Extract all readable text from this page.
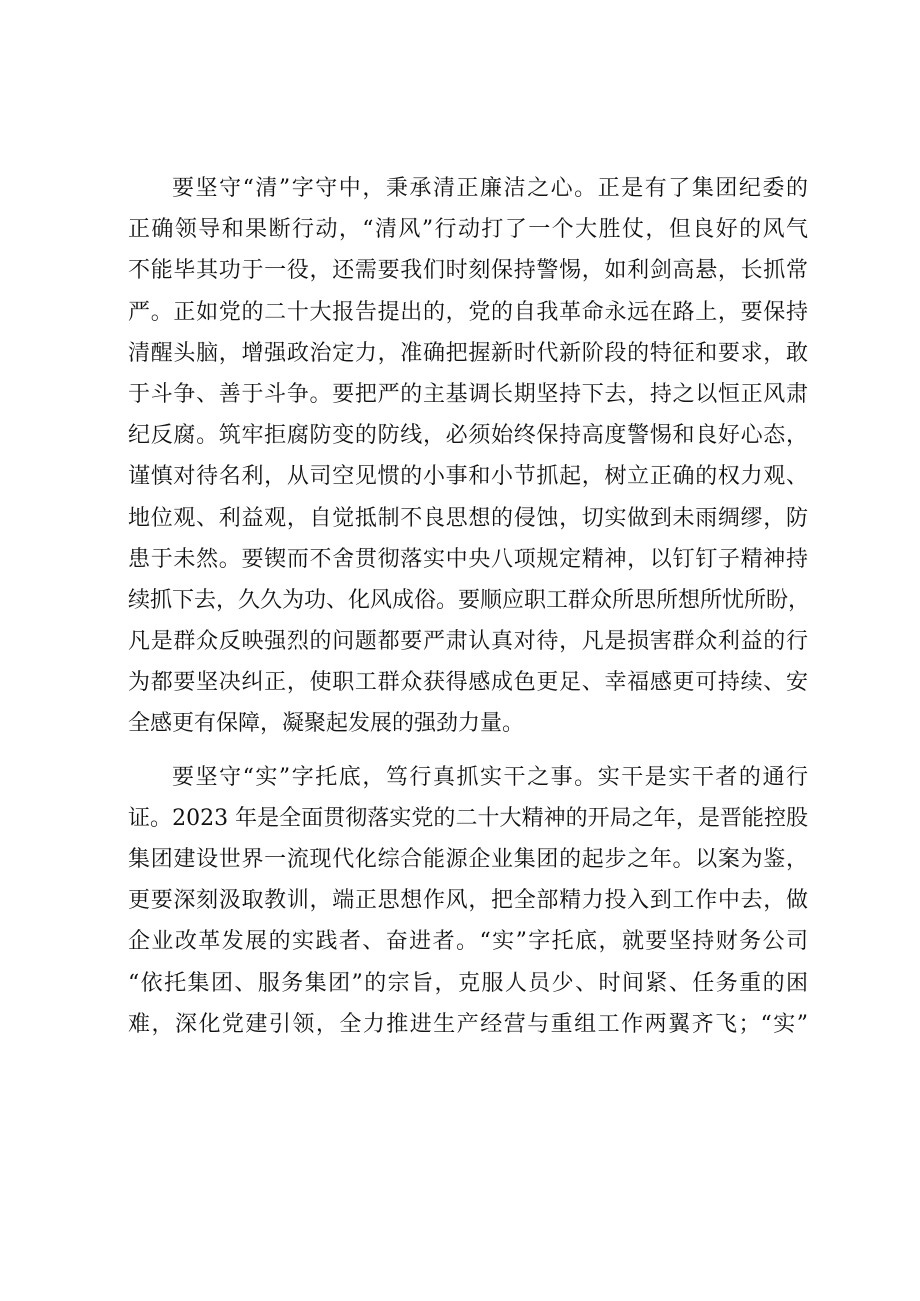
要坚守“清”字守中，秉承清正廉洁之心。正是有了集团纪委的
正确领导和果断行动，“清风”行动打了一个大胜仗，但良好的风气
不能毕其功于一役，还需要我们时刻保持警惕，如利剑高悬，长抓常
严。正如党的二十大报告提出的，党的自我革命永远在路上，要保持
清醒头脑，增强政治定力，准确把握新时代新阶段的特征和要求，敢
于斗争、善于斗争。要把严的主基调长期坚持下去，持之以恒正风肃
纪反腐。筑牢拒腐防变的防线，必须始终保持高度警惕和良好心态，
谨慎对待名利，从司空见惯的小事和小节抓起，树立正确的权力观、
地位观、利益观，自觉抵制不良思想的侵蚀，切实做到未雨绸缪，防
患于未然。要锲而不舍贯彻落实中央八项规定精神，以钉钉子精神持
续抓下去，久久为功、化风成俗。要顺应职工群众所思所想所忧所盼，
凡是群众反映强烈的问题都要严肃认真对待，凡是损害群众利益的行
为都要坚决纠正，使职工群众获得感成色更足、幸福感更可持续、安
全感更有保障，凝聚起发展的强劲力量。
要坚守“实”字托底，笃行真抓实干之事。实干是实干者的通行
证。2023 年是全面贯彻落实党的二十大精神的开局之年，是晋能控股
集团建设世界一流现代化综合能源企业集团的起步之年。以案为鉴，
更要深刻汲取教训，端正思想作风，把全部精力投入到工作中去，做
企业改革发展的实践者、奋进者。“实”字托底，就要坚持财务公司
“依托集团、服务集团”的宗旨，克服人员少、时间紧、任务重的困
难，深化党建引领，全力推进生产经营与重组工作两翼齐飞；“实”
